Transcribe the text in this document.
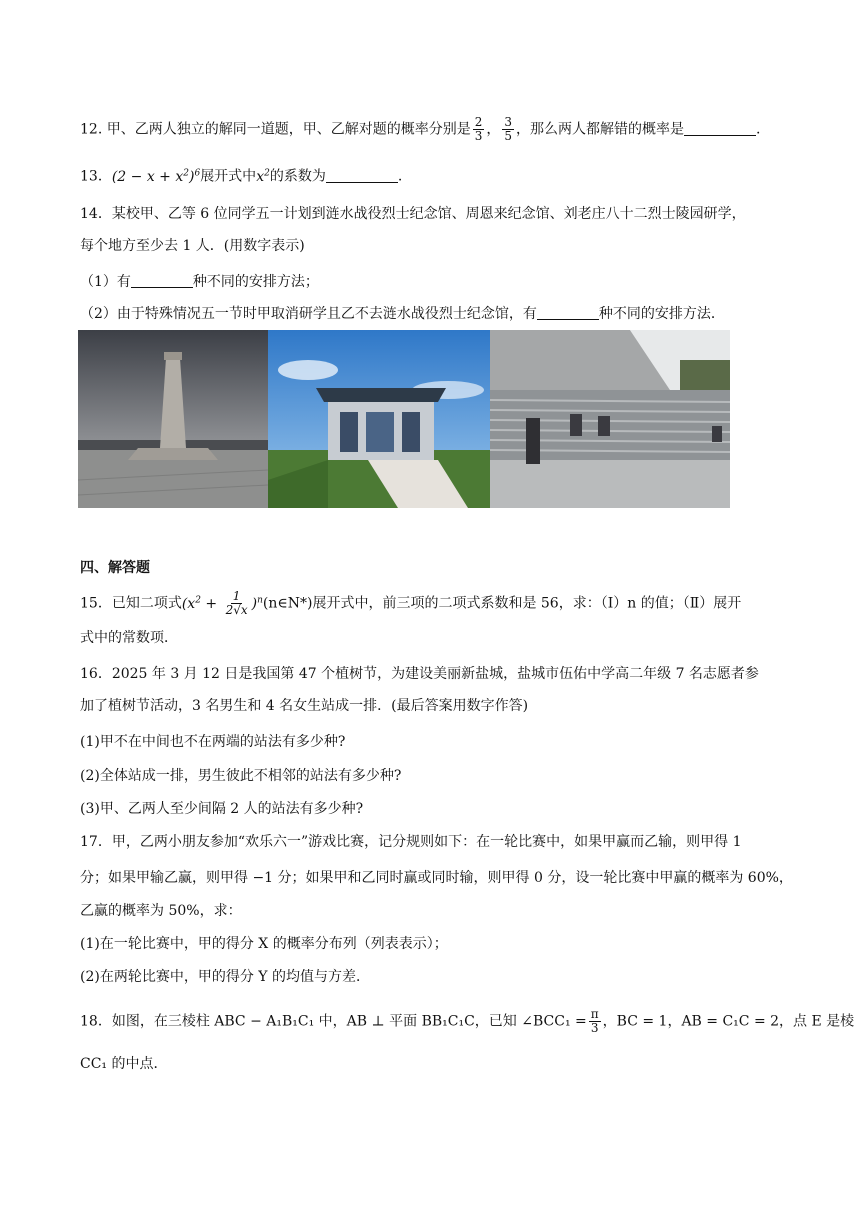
12. 甲、乙两人独立的解同一道题，甲、乙解对题的概率分别是 $\frac{2}{3}$ ， $\frac{3}{5}$ ，那么两人都解错的概率是	.
13．$(2 - x + x^2)^6$展开式中$x^2$的系数为	.
14．某校甲、乙等 6 位同学五一计划到涟水战役烈士纪念馆、周恩来纪念馆、刘老庄八十二烈士陵园研学，
每个地方至少去 1 人．(用数字表示)
（1）有	种不同的安排方法；
（2）由于特殊情况五一节时甲取消研学且乙不去涟水战役烈士纪念馆，有	种不同的安排方法．
四、解答题
15．已知二项式($x^2 + \frac{1}{2√x}$ )$^n(n\in N*)$展开式中，前三项的二项式系数和是 56，求：（Ⅰ）n 的值；（Ⅱ）展开
式中的常数项．
16．2025 年 3 月 12 日是我国第 47 个植树节，为建设美丽新盐城，盐城市伍佑中学高二年级 7 名志愿者参
加了植树节活动，3 名男生和 4 名女生站成一排．(最后答案用数字作答)
(1)甲不在中间也不在两端的站法有多少种?
(2)全体站成一排，男生彼此不相邻的站法有多少种?
(3)甲、乙两人至少间隔 2 人的站法有多少种?
17．甲，乙两小朋友参加“欢乐六一”游戏比赛，记分规则如下：在一轮比赛中，如果甲赢而乙输，则甲得 1
分；如果甲输乙赢，则甲得 −1 分；如果甲和乙同时赢或同时输，则甲得 0 分，设一轮比赛中甲赢的概率为 60%，
乙赢的概率为 50%，求：
(1)在一轮比赛中，甲的得分 X 的概率分布列（列表表示）；
(2)在两轮比赛中，甲的得分 Y 的均值与方差．
18．如图，在三棱柱 ABC − A₁B₁C₁ 中，AB ⊥ 平面 BB₁C₁C，已知 ∠BCC₁ = $\frac{\pi}{3}$ ，BC = 1，AB = C₁C = 2，点 E 是棱
CC₁ 的中点．
